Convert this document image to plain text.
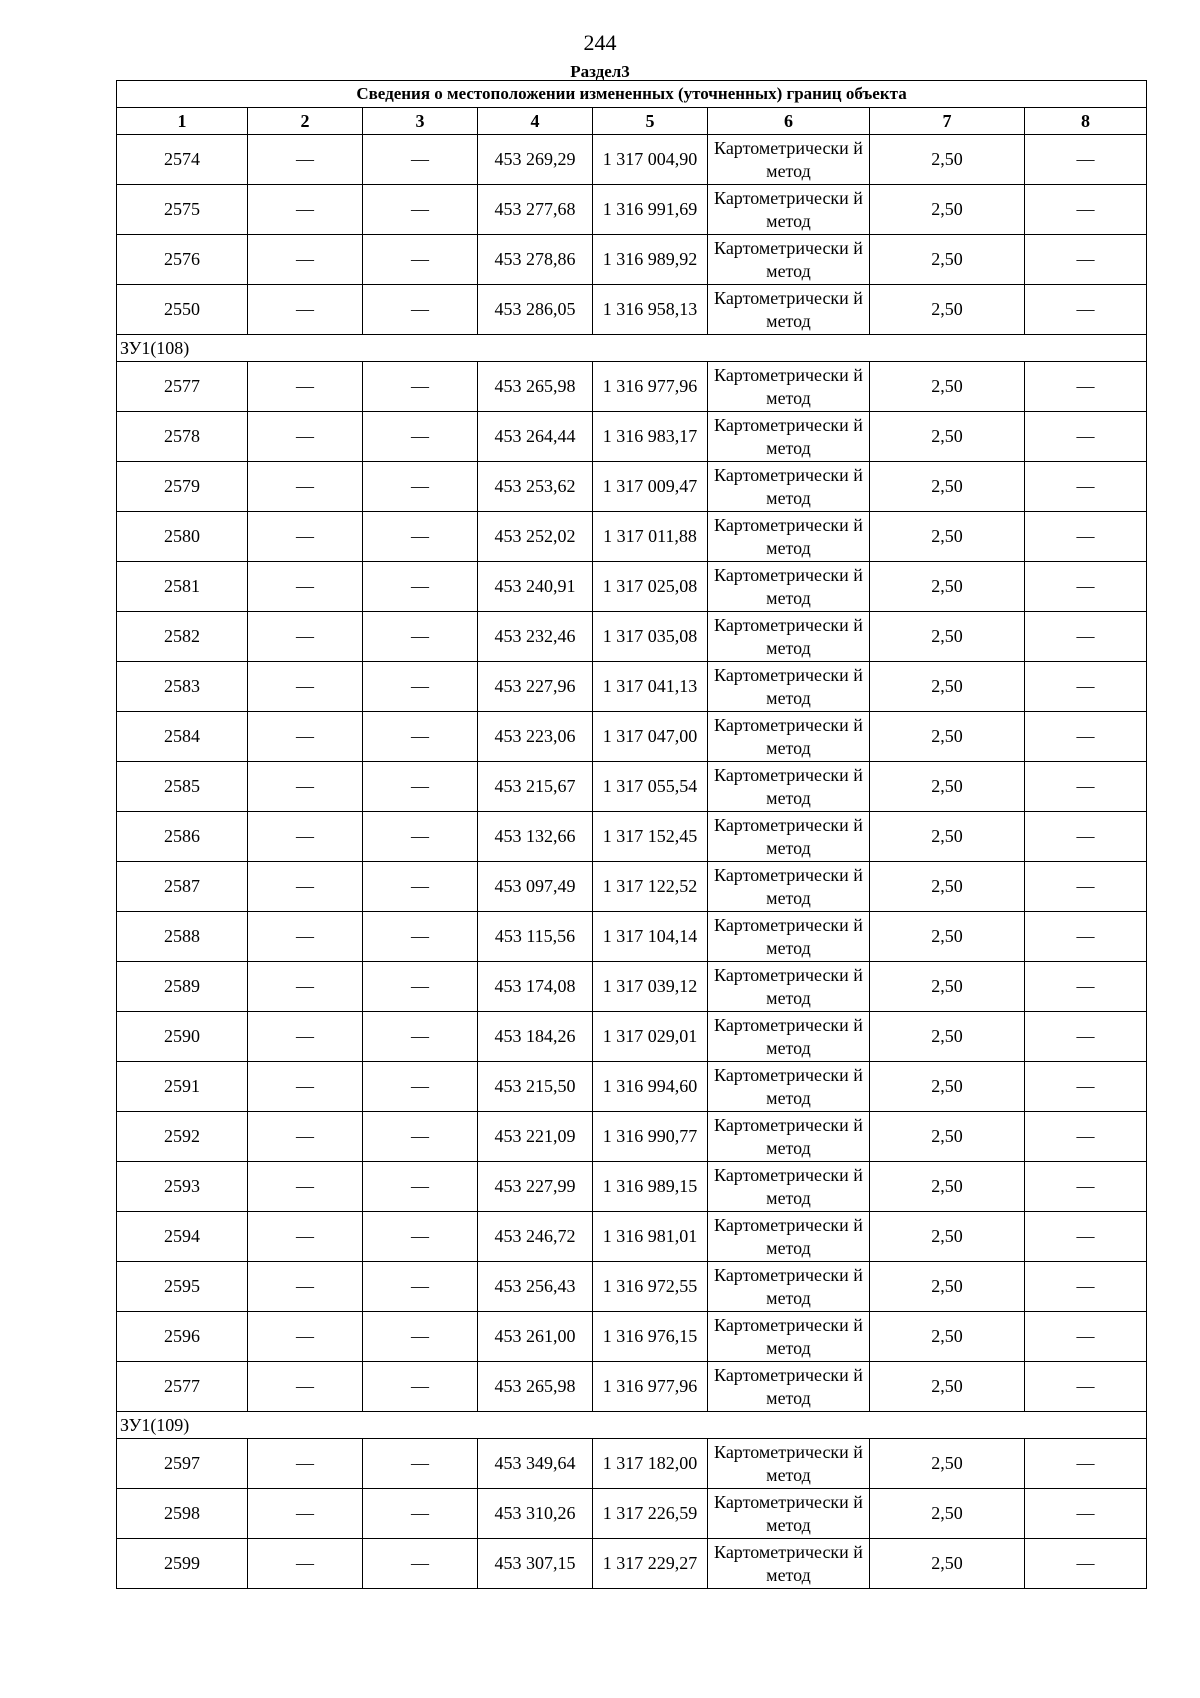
244
Раздел3
Сведения о местоположении измененных (уточненных) границ объекта							
1	2	3	4	5	6	7	8
2574	—	—	453 269,29	1 317 004,90	Картометрически й метод	2,50	—
2575	—	—	453 277,68	1 316 991,69	Картометрически й метод	2,50	—
2576	—	—	453 278,86	1 316 989,92	Картометрически й метод	2,50	—
2550	—	—	453 286,05	1 316 958,13	Картометрически й метод	2,50	—
ЗУ1(108)							
2577	—	—	453 265,98	1 316 977,96	Картометрически й метод	2,50	—
2578	—	—	453 264,44	1 316 983,17	Картометрически й метод	2,50	—
2579	—	—	453 253,62	1 317 009,47	Картометрически й метод	2,50	—
2580	—	—	453 252,02	1 317 011,88	Картометрически й метод	2,50	—
2581	—	—	453 240,91	1 317 025,08	Картометрически й метод	2,50	—
2582	—	—	453 232,46	1 317 035,08	Картометрически й метод	2,50	—
2583	—	—	453 227,96	1 317 041,13	Картометрически й метод	2,50	—
2584	—	—	453 223,06	1 317 047,00	Картометрически й метод	2,50	—
2585	—	—	453 215,67	1 317 055,54	Картометрически й метод	2,50	—
2586	—	—	453 132,66	1 317 152,45	Картометрически й метод	2,50	—
2587	—	—	453 097,49	1 317 122,52	Картометрически й метод	2,50	—
2588	—	—	453 115,56	1 317 104,14	Картометрически й метод	2,50	—
2589	—	—	453 174,08	1 317 039,12	Картометрически й метод	2,50	—
2590	—	—	453 184,26	1 317 029,01	Картометрически й метод	2,50	—
2591	—	—	453 215,50	1 316 994,60	Картометрически й метод	2,50	—
2592	—	—	453 221,09	1 316 990,77	Картометрически й метод	2,50	—
2593	—	—	453 227,99	1 316 989,15	Картометрически й метод	2,50	—
2594	—	—	453 246,72	1 316 981,01	Картометрически й метод	2,50	—
2595	—	—	453 256,43	1 316 972,55	Картометрически й метод	2,50	—
2596	—	—	453 261,00	1 316 976,15	Картометрически й метод	2,50	—
2577	—	—	453 265,98	1 316 977,96	Картометрически й метод	2,50	—
ЗУ1(109)							
2597	—	—	453 349,64	1 317 182,00	Картометрически й метод	2,50	—
2598	—	—	453 310,26	1 317 226,59	Картометрически й метод	2,50	—
2599	—	—	453 307,15	1 317 229,27	Картометрически й метод	2,50	—
